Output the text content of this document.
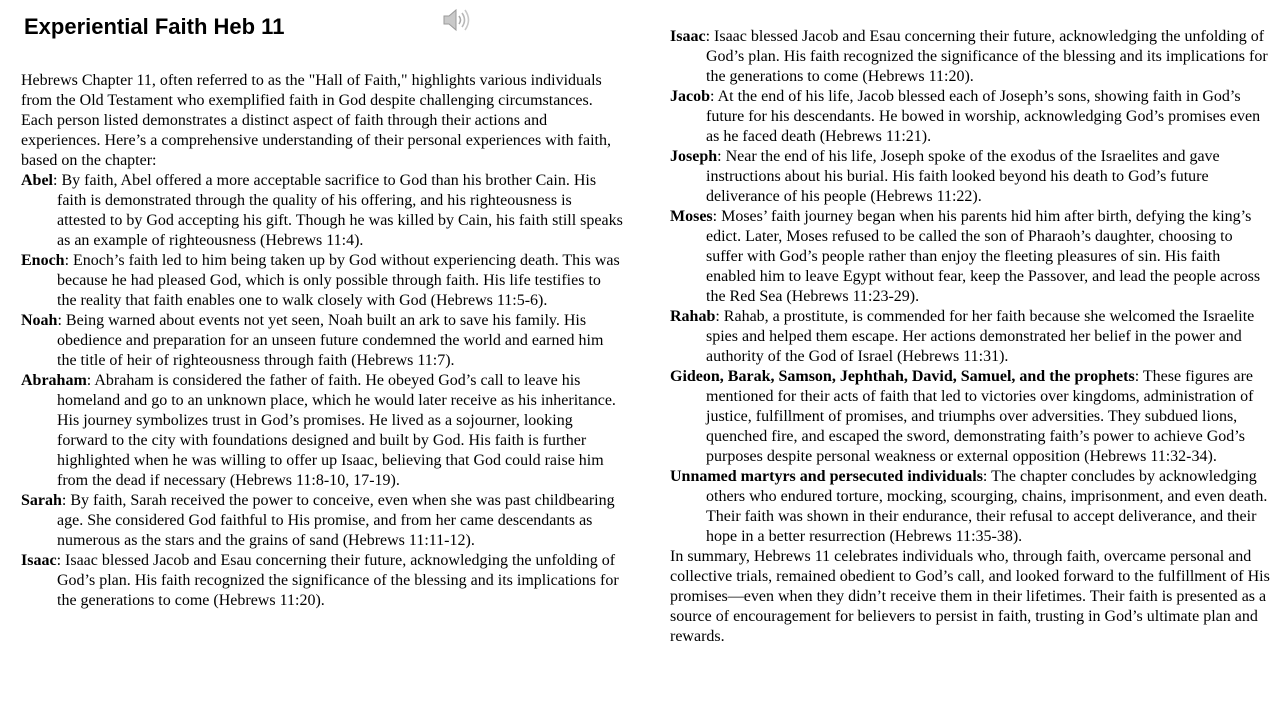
Experiential Faith Heb 11

Hebrews Chapter 11, often referred to as the "Hall of Faith," highlights various individuals from the Old Testament who exemplified faith in God despite challenging circumstances. Each person listed demonstrates a distinct aspect of faith through their actions and experiences. Here’s a comprehensive understanding of their personal experiences with faith, based on the chapter:

Abel: By faith, Abel offered a more acceptable sacrifice to God than his brother Cain. His faith is demonstrated through the quality of his offering, and his righteousness is attested to by God accepting his gift. Though he was killed by Cain, his faith still speaks as an example of righteousness (Hebrews 11:4).

Enoch: Enoch’s faith led to him being taken up by God without experiencing death. This was because he had pleased God, which is only possible through faith. His life testifies to the reality that faith enables one to walk closely with God (Hebrews 11:5-6).

Noah: Being warned about events not yet seen, Noah built an ark to save his family. His obedience and preparation for an unseen future condemned the world and earned him the title of heir of righteousness through faith (Hebrews 11:7).

Abraham: Abraham is considered the father of faith. He obeyed God’s call to leave his homeland and go to an unknown place, which he would later receive as his inheritance. His journey symbolizes trust in God’s promises. He lived as a sojourner, looking forward to the city with foundations designed and built by God. His faith is further highlighted when he was willing to offer up Isaac, believing that God could raise him from the dead if necessary (Hebrews 11:8-10, 17-19).

Sarah: By faith, Sarah received the power to conceive, even when she was past childbearing age. She considered God faithful to His promise, and from her came descendants as numerous as the stars and the grains of sand (Hebrews 11:11-12).

Isaac: Isaac blessed Jacob and Esau concerning their future, acknowledging the unfolding of God’s plan. His faith recognized the significance of the blessing and its implications for the generations to come (Hebrews 11:20).

Isaac: Isaac blessed Jacob and Esau concerning their future, acknowledging the unfolding of God’s plan. His faith recognized the significance of the blessing and its implications for the generations to come (Hebrews 11:20).

Jacob: At the end of his life, Jacob blessed each of Joseph’s sons, showing faith in God’s future for his descendants. He bowed in worship, acknowledging God’s promises even as he faced death (Hebrews 11:21).

Joseph: Near the end of his life, Joseph spoke of the exodus of the Israelites and gave instructions about his burial. His faith looked beyond his death to God’s future deliverance of his people (Hebrews 11:22).

Moses: Moses’ faith journey began when his parents hid him after birth, defying the king’s edict. Later, Moses refused to be called the son of Pharaoh’s daughter, choosing to suffer with God’s people rather than enjoy the fleeting pleasures of sin. His faith enabled him to leave Egypt without fear, keep the Passover, and lead the people across the Red Sea (Hebrews 11:23-29).

Rahab: Rahab, a prostitute, is commended for her faith because she welcomed the Israelite spies and helped them escape. Her actions demonstrated her belief in the power and authority of the God of Israel (Hebrews 11:31).

Gideon, Barak, Samson, Jephthah, David, Samuel, and the prophets: These figures are mentioned for their acts of faith that led to victories over kingdoms, administration of justice, fulfillment of promises, and triumphs over adversities. They subdued lions, quenched fire, and escaped the sword, demonstrating faith’s power to achieve God’s purposes despite personal weakness or external opposition (Hebrews 11:32-34).

Unnamed martyrs and persecuted individuals: The chapter concludes by acknowledging others who endured torture, mocking, scourging, chains, imprisonment, and even death. Their faith was shown in their endurance, their refusal to accept deliverance, and their hope in a better resurrection (Hebrews 11:35-38).

In summary, Hebrews 11 celebrates individuals who, through faith, overcame personal and collective trials, remained obedient to God’s call, and looked forward to the fulfillment of His promises—even when they didn’t receive them in their lifetimes. Their faith is presented as a source of encouragement for believers to persist in faith, trusting in God’s ultimate plan and rewards.
